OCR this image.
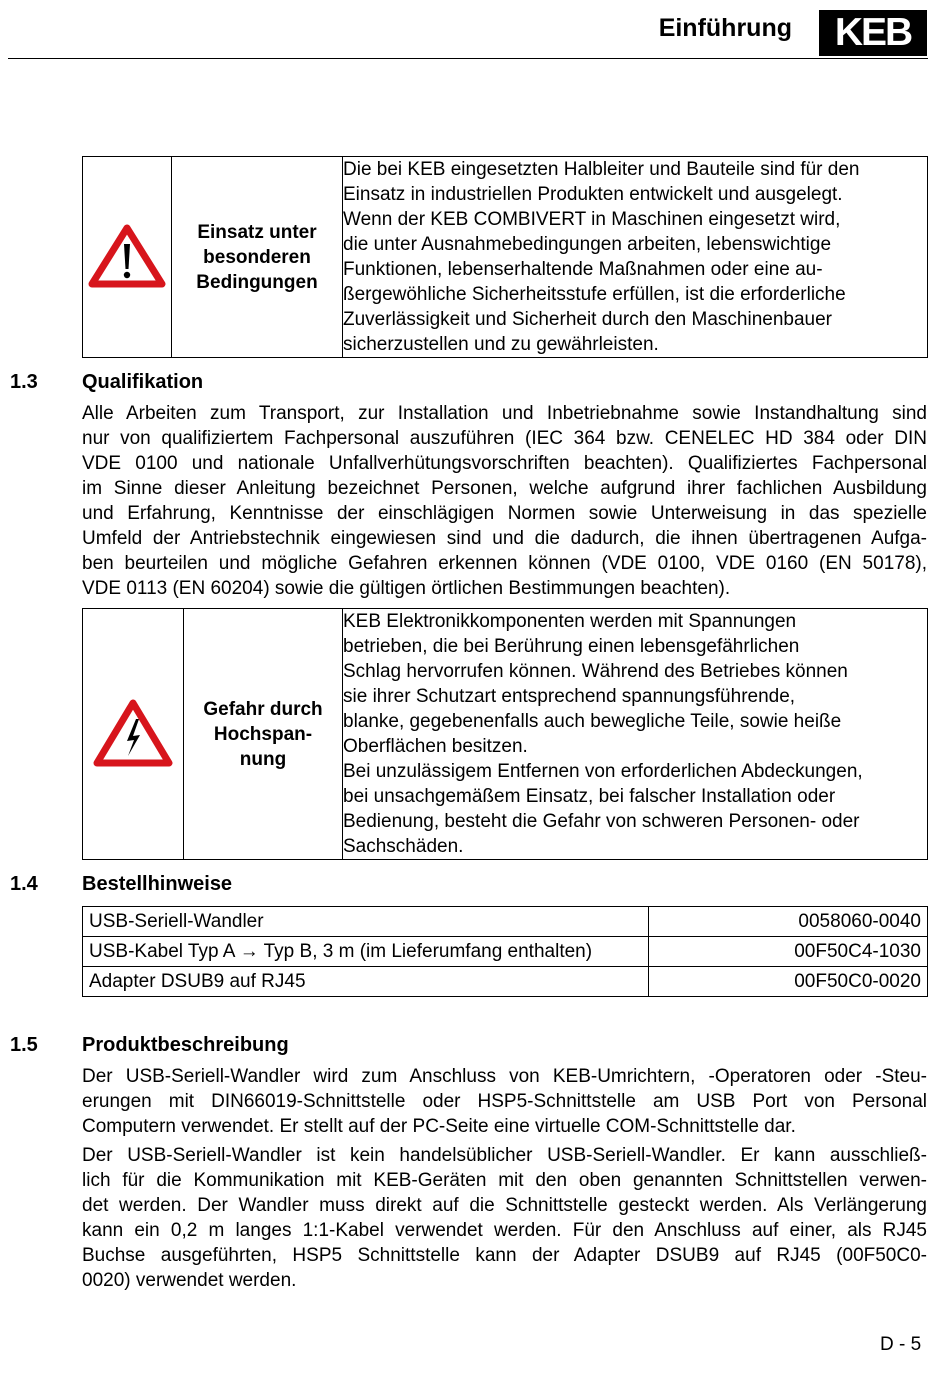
Einführung	KEB

Einsatz unter
besonderen
Bedingungen

Die bei KEB eingesetzten Halbleiter und Bauteile sind für den
Einsatz in industriellen Produkten entwickelt und ausgelegt.
Wenn der KEB COMBIVERT in Maschinen eingesetzt wird,
die unter Ausnahmebedingungen arbeiten, lebenswichtige
Funktionen, lebenserhaltende Maßnahmen oder eine au-
ßergewöhliche Sicherheitsstufe erfüllen, ist die erforderliche
Zuverlässigkeit und Sicherheit durch den Maschinenbauer
sicherzustellen und zu gewährleisten.
1.3 Qualifikation
Alle Arbeiten zum Transport, zur Installation und Inbetriebnahme sowie Instandhaltung sind
nur von qualifiziertem Fachpersonal auszuführen (IEC 364 bzw. CENELEC HD 384 oder DIN
VDE 0100 und nationale Unfallverhütungsvorschriften beachten). Qualifiziertes Fachpersonal
im Sinne dieser Anleitung bezeichnet Personen, welche aufgrund ihrer fachlichen Ausbildung
und Erfahrung, Kenntnisse der einschlägigen Normen sowie Unterweisung in das spezielle
Umfeld der Antriebstechnik eingewiesen sind und die dadurch, die ihnen übertragenen Aufga-
ben beurteilen und mögliche Gefahren erkennen können (VDE 0100, VDE 0160 (EN 50178),
VDE 0113 (EN 60204) sowie die gültigen örtlichen Bestimmungen beachten).

Gefahr durch
Hochspan-
nung

KEB Elektronikkomponenten werden mit Spannungen
betrieben, die bei Berührung einen lebensgefährlichen
Schlag hervorrufen können. Während des Betriebes können
sie ihrer Schutzart entsprechend spannungsführende,
blanke, gegebenenfalls auch bewegliche Teile, sowie heiße
Oberflächen besitzen.
Bei unzulässigem Entfernen von erforderlichen Abdeckungen,
bei unsachgemäßem Einsatz, bei falscher Installation oder
Bedienung, besteht die Gefahr von schweren Personen- oder
Sachschäden.
1.4 Bestellhinweise
USB-Seriell-Wandler	0058060-0040
USB-Kabel Typ A → Typ B, 3 m (im Lieferumfang enthalten)	00F50C4-1030
Adapter DSUB9 auf RJ45	00F50C0-0020
1.5 Produktbeschreibung
Der USB-Seriell-Wandler wird zum Anschluss von KEB-Umrichtern, -Operatoren oder -Steu-
erungen mit DIN66019-Schnittstelle oder HSP5-Schnittstelle am USB Port von Personal
Computern verwendet. Er stellt auf der PC-Seite eine virtuelle COM-Schnittstelle dar.
Der USB-Seriell-Wandler ist kein handelsüblicher USB-Seriell-Wandler. Er kann ausschließ-
lich für die Kommunikation mit KEB-Geräten mit den oben genannten Schnittstellen verwen-
det werden. Der Wandler muss direkt auf die Schnittstelle gesteckt werden. Als Verlängerung
kann ein 0,2 m langes 1:1-Kabel verwendet werden. Für den Anschluss auf einer, als RJ45
Buchse ausgeführten, HSP5 Schnittstelle kann der Adapter DSUB9 auf RJ45 (00F50C0-
0020) verwendet werden.
D - 5
